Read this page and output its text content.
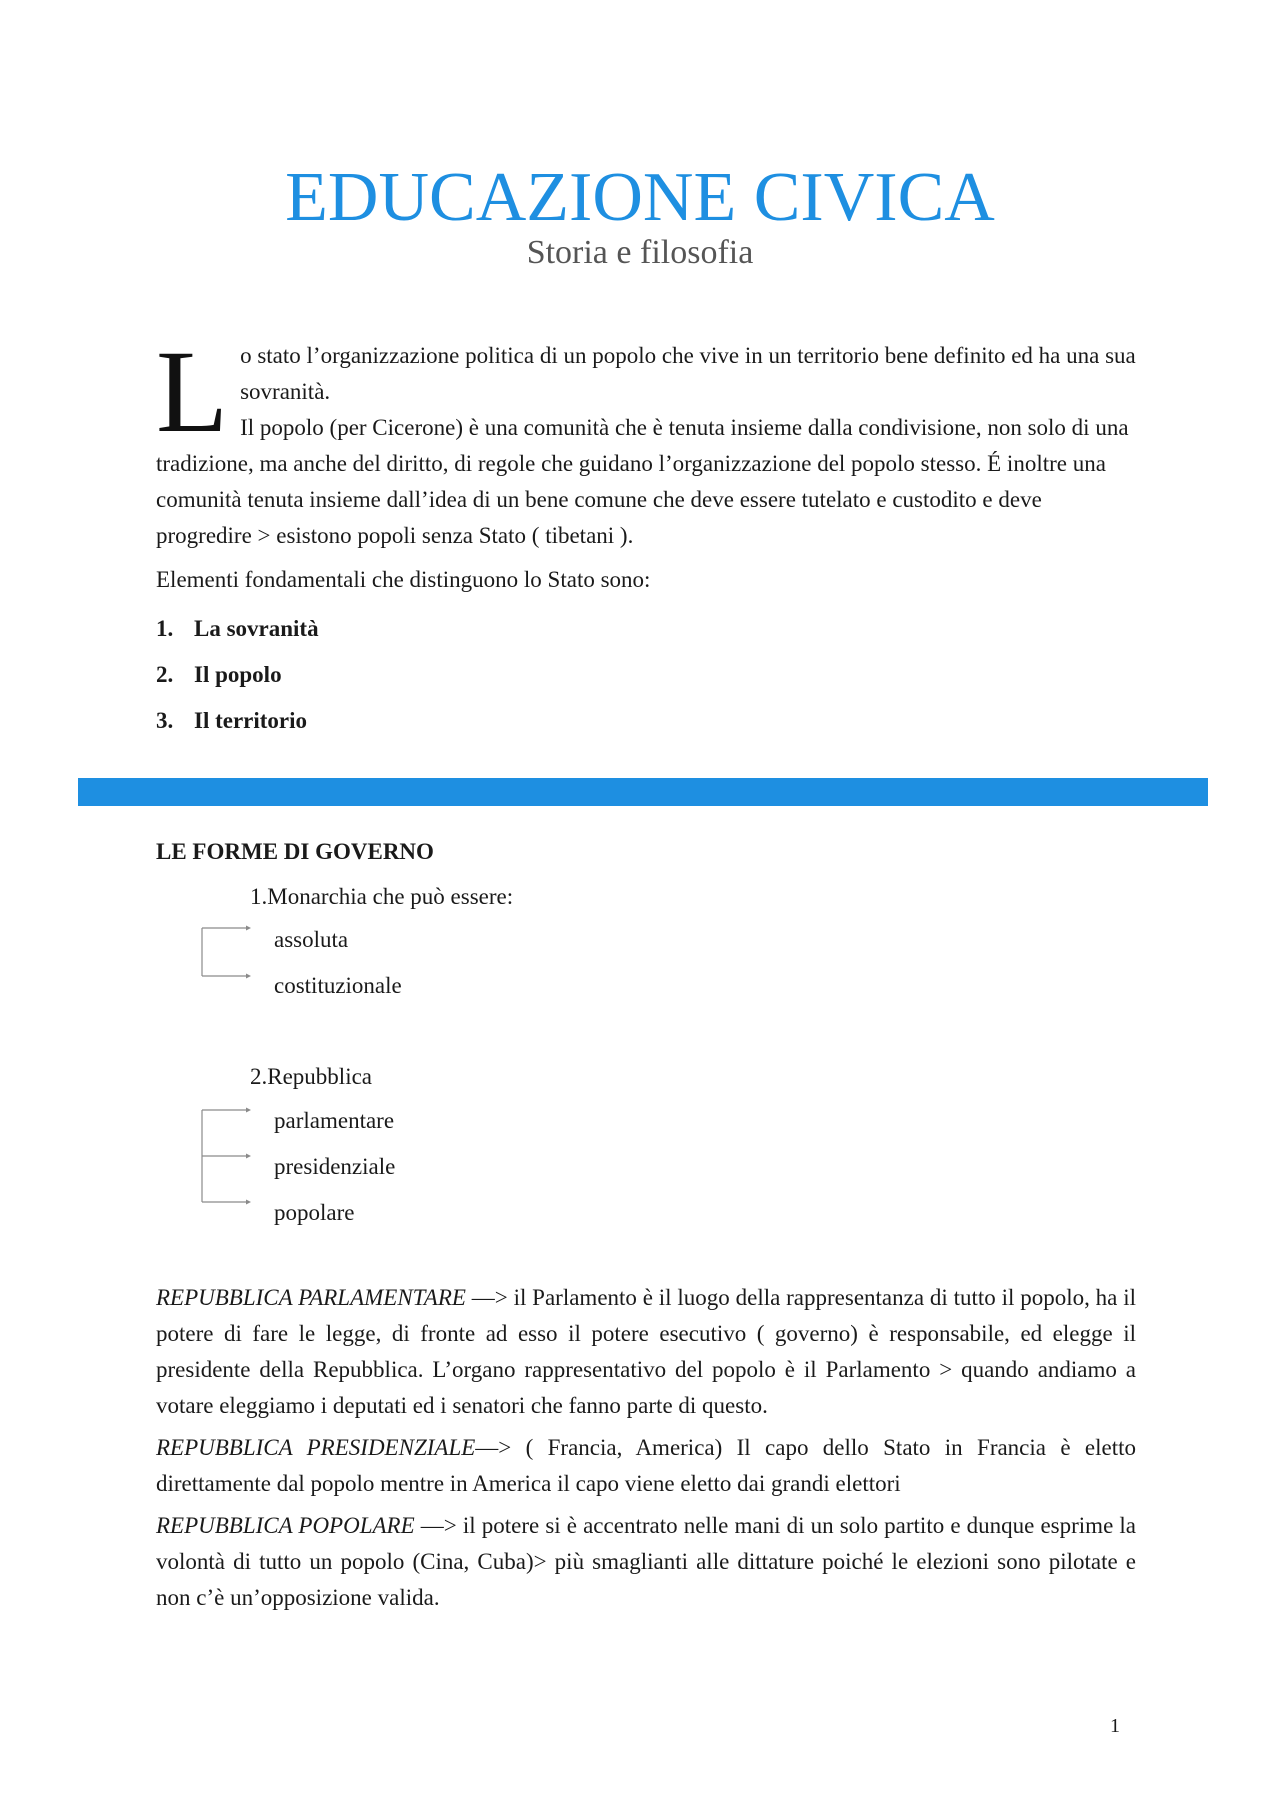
EDUCAZIONE CIVICA
Storia e filosofia
L o stato l’organizzazione politica di un popolo che vive in un territorio bene definito ed ha una sua sovranità.

Il popolo (per Cicerone) è una comunità che è tenuta insieme dalla condivisione, non solo di una tradizione, ma anche del diritto, di regole che guidano l’organizzazione del popolo stesso. É inoltre una comunità tenuta insieme dall’idea di un bene comune che deve essere tutelato e custodito e deve progredire > esistono popoli senza Stato ( tibetani ).

Elementi fondamentali che distinguono lo Stato sono:

1. La sovranità
2. Il popolo
3. Il territorio
LE FORME DI GOVERNO
1.Monarchia che può essere:
assoluta
costituzionale
2.Repubblica
parlamentare
presidenziale
popolare

REPUBBLICA PARLAMENTARE —> il Parlamento è il luogo della rappresentanza di tutto il popolo, ha il potere di fare le legge, di fronte ad esso il potere esecutivo ( governo) è responsabile, ed elegge il presidente della Repubblica. L’organo rappresentativo del popolo è il Parlamento > quando andiamo a votare eleggiamo i deputati ed i senatori che fanno parte di questo.

REPUBBLICA PRESIDENZIALE—> ( Francia, America) Il capo dello Stato in Francia è eletto direttamente dal popolo mentre in America il capo viene eletto dai grandi elettori

REPUBBLICA POPOLARE —> il potere si è accentrato nelle mani di un solo partito e dunque esprime la volontà di tutto un popolo (Cina, Cuba)> più smaglianti alle dittature poiché le elezioni sono pilotate e non c’è un’opposizione valida.

1
